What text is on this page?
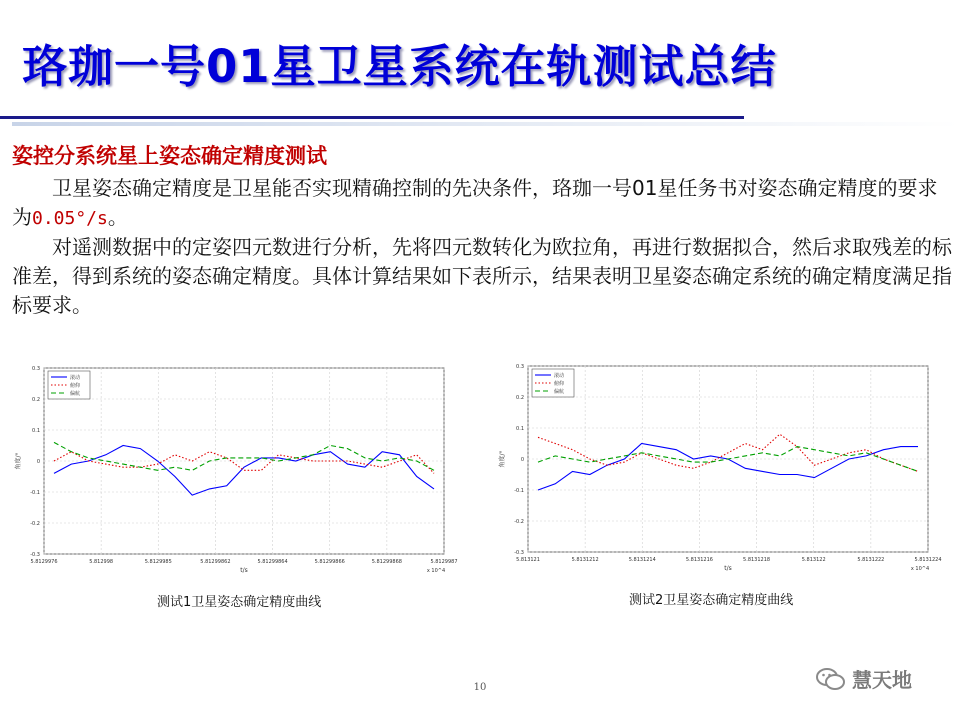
珞珈一号01星卫星系统在轨测试总结
姿控分系统星上姿态确定精度测试

卫星姿态确定精度是卫星能否实现精确控制的先决条件，珞珈一号01星任务书对姿态确定精度的要求为0.05°/s。

对遥测数据中的定姿四元数进行分析，先将四元数转化为欧拉角，再进行数据拟合，然后求取残差的标准差，得到系统的姿态确定精度。具体计算结果如下表所示，结果表明卫星姿态确定系统的确定精度满足指标要求。

5.8129976	5.812998	5.8129985	5.81299862	5.81299864	5.81299866	5.81299868	5.8129987
0.3
0.2
0.1
0
-0.1
-0.2
-0.3
t/s	x 10^4
角度/°
滚动
俯仰
偏航
测试1卫星姿态确定精度曲线
5.813121	5.8131212	5.8131214	5.8131216	5.8131218	5.813122	5.8131222	5.8131224
0.3
0.2
0.1
0
-0.1
-0.2
-0.3
t/s	x 10^4
角度/°
滚动
俯仰
偏航
测试2卫星姿态确定精度曲线
10	慧天地
